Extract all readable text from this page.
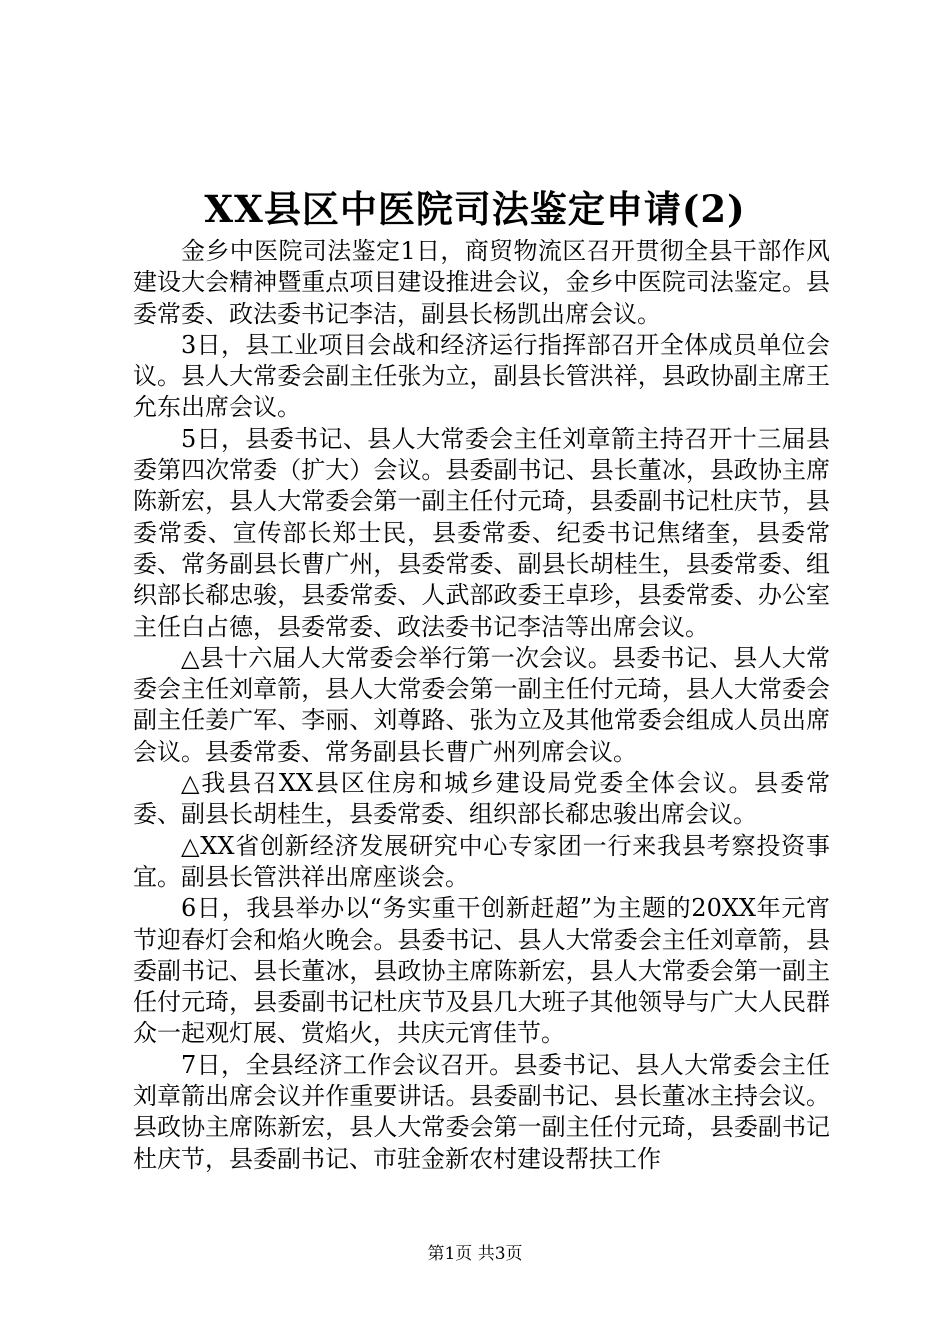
XX县区中医院司法鉴定申请(2)

金乡中医院司法鉴定1日，商贸物流区召开贯彻全县干部作风建设大会精神暨重点项目建设推进会议，金乡中医院司法鉴定。县委常委、政法委书记李洁，副县长杨凯出席会议。

3日，县工业项目会战和经济运行指挥部召开全体成员单位会议。县人大常委会副主任张为立，副县长管洪祥，县政协副主席王允东出席会议。

5日，县委书记、县人大常委会主任刘章箭主持召开十三届县委第四次常委（扩大）会议。县委副书记、县长董冰，县政协主席陈新宏，县人大常委会第一副主任付元琦，县委副书记杜庆节，县委常委、宣传部长郑士民，县委常委、纪委书记焦绪奎，县委常委、常务副县长曹广州，县委常委、副县长胡桂生，县委常委、组织部长郗忠骏，县委常委、人武部政委王卓珍，县委常委、办公室主任白占德，县委常委、政法委书记李洁等出席会议。

△县十六届人大常委会举行第一次会议。县委书记、县人大常委会主任刘章箭，县人大常委会第一副主任付元琦，县人大常委会副主任姜广军、李丽、刘尊路、张为立及其他常委会组成人员出席会议。县委常委、常务副县长曹广州列席会议。

△我县召XX县区住房和城乡建设局党委全体会议。县委常委、副县长胡桂生，县委常委、组织部长郗忠骏出席会议。

△XX省创新经济发展研究中心专家团一行来我县考察投资事宜。副县长管洪祥出席座谈会。

6日，我县举办以“务实重干创新赶超”为主题的20XX年元宵节迎春灯会和焰火晚会。县委书记、县人大常委会主任刘章箭，县委副书记、县长董冰，县政协主席陈新宏，县人大常委会第一副主任付元琦，县委副书记杜庆节及县几大班子其他领导与广大人民群众一起观灯展、赏焰火，共庆元宵佳节。

7日，全县经济工作会议召开。县委书记、县人大常委会主任刘章箭出席会议并作重要讲话。县委副书记、县长董冰主持会议。县政协主席陈新宏，县人大常委会第一副主任付元琦，县委副书记杜庆节，县委副书记、市驻金新农村建设帮扶工作

第1页 共3页
